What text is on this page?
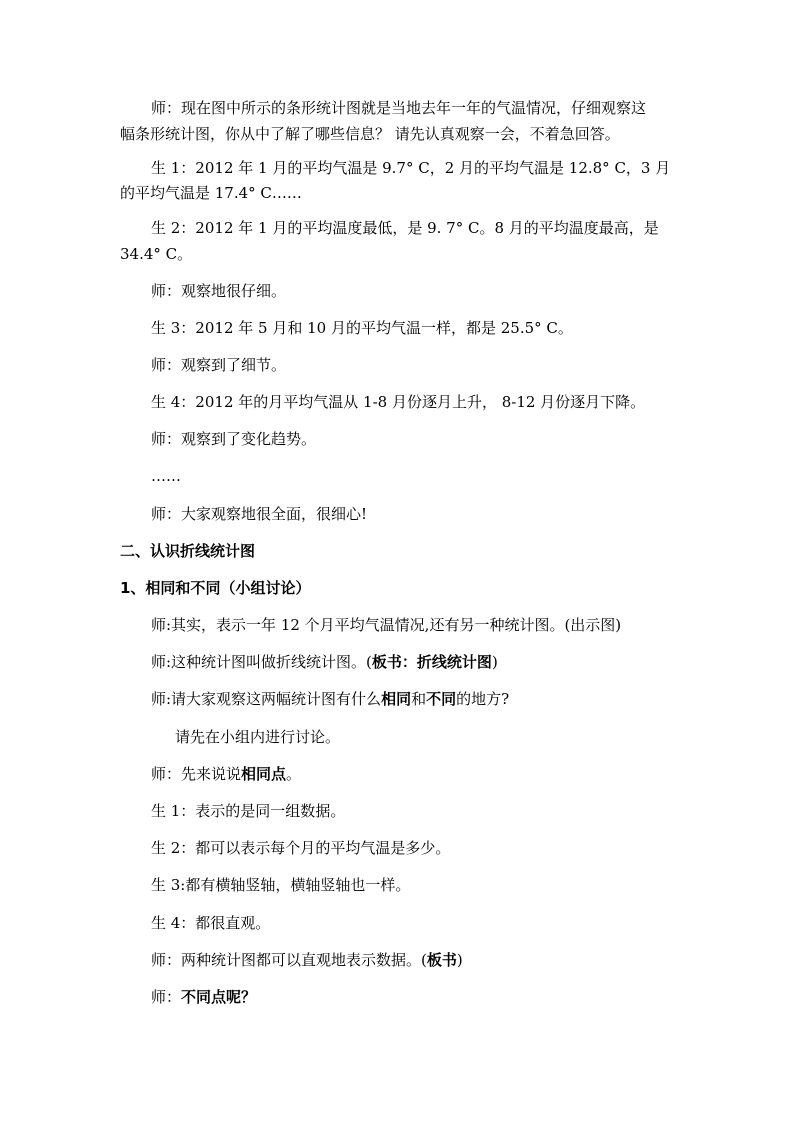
师：现在图中所示的条形统计图就是当地去年一年的气温情况，仔细观察这
幅条形统计图，你从中了解了哪些信息？ 请先认真观察一会，不着急回答。
生 1：2012 年 1 月的平均气温是 9.7° C，2 月的平均气温是 12.8° C，3 月
的平均气温是 17.4° C……
生 2：2012 年 1 月的平均温度最低，是 9. 7° C。8 月的平均温度最高，是
34.4° C。
师：观察地很仔细。
生 3：2012 年 5 月和 10 月的平均气温一样，都是 25.5° C。
师：观察到了细节。
生 4：2012 年的月平均气温从 1-8 月份逐月上升， 8-12 月份逐月下降。
师：观察到了变化趋势。
……
师：大家观察地很全面，很细心!
二、认识折线统计图
1、相同和不同（小组讨论）
师:其实，表示一年 12 个月平均气温情况,还有另一种统计图。(出示图)
师:这种统计图叫做折线统计图。(板书：折线统计图)
师:请大家观察这两幅统计图有什么相同和不同的地方?
请先在小组内进行讨论。
师：先来说说相同点。
生 1：表示的是同一组数据。
生 2：都可以表示每个月的平均气温是多少。
生 3:都有横轴竖轴，横轴竖轴也一样。
生 4：都很直观。
师：两种统计图都可以直观地表示数据。(板书)
师：不同点呢？
